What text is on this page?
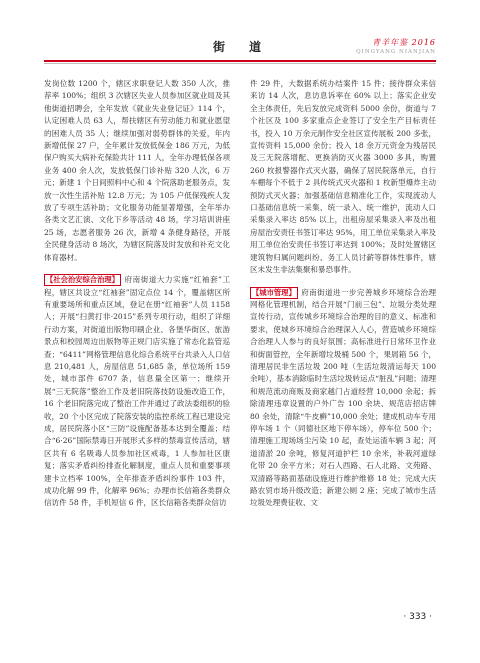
街　道	青羊年鉴 2016
QINGYANG NIANJIAN

发岗位数 1200 个，辖区求职登记人数 350 人次，推荐率 100%；组织 3 次辖区失业人员参加区就业局及其他街道招聘会，全年发放《就业失业登记证》114 个，认定困难人员 63 人，帮扶辖区有劳动能力和就业愿望的困难人员 35 人；继续加强对弱势群体的关爱，年内新增低保 27 户，全年累计发放低保金 186 万元，为低保户购买大病补充保险共计 111 人，全年办理低保各项业务 400 余人次，发放低保门诊补贴 320 人次，6 万元；新建 1 个日间照料中心和 4 个院落助老服务点，发放一次性生活补贴 12.8 万元；为 105 户低保残疾人发放了专项生活补助；文化服务功能显著增强，全年举办各类文艺汇演、文化下乡等活动 48 场，学习培训讲座 25 场，志愿者服务 26 次，新增 4 条健身路径，开展全民健身活动 8 场次，为辖区院落及时发放和补充文化体育器材。

【社会治安综合治理】 府南街道大力实施“红袖套”工程，辖区共设立“红袖套”固定点位 14 个，覆盖辖区所有重要场所和重点区域，登记在册“红袖套”人员 1158 人；开展“扫黄打非·2015”系列专项行动，组织了详细行动方案，对街道出版物印刷企业、各堡华街区、旅游景点和校园周边出版物等正规门店实施了常态化监管巡查；“6411”网格管理信息化综合系统平台共录入人口信息 210,481 人，房屋信息 51,685 条，单位场所 159 处，城市部件 6707 条，信息量全区第一；继续开展“三无院落”整治工作及老旧院落技防设施改造工作，16 个老旧院落完成了整治工作并通过了政法委组织的验收，20 个小区完成了院落安装的监控系统工程已建设完成，居民院落小区“三防”设施配备基本达到全覆盖；结合“6·26”国际禁毒日开展形式多样的禁毒宣传活动，辖区共有 6 名吸毒人员参加社区戒毒，1 人参加社区康复；落实矛盾纠纷排查化解制度，重点人员和重要事项建卡立档率 100%，全年排查矛盾纠纷事件 103 件，成功化解 99 件，化解率 96%；办理市长信箱各类群众信访件 58 件，手机短信 6 件，区长信箱各类群众信访

件 29 件，大数据系统办结案件 15 件；接待群众来信来访 14 人次，息访息诉率在 60% 以上；落实企业安全主体责任，先后发放完成资料 5000 余份，街道与 7 个社区及 100 多家重点企业签订了安全生产目标责任书，投入 10 万余元制作安全社区宣传展板 200 多张，宣传资料 15,000 余份；投入 18 余万元资金为残居民及三无院落增配、更换消防灭火器 3000 多具，购置 260 枚报警器作式灭火器，确保了居民院落单元，自行车棚每个不低于 2 具传统式灭火器和 1 枚新型爆炸主动预防式灭火器；加强基础信息精准化工作，实现流动人口基础信息统一采集、统一录入、统一维护，流动人口采集录入率达 85% 以上，出租房屋采集录入率及出租房屋治安责任书签订率达 95%，用工单位采集录入率及用工单位治安责任书签订率达到 100%；及时处置辖区建筑物归属问题纠纷、务工人员讨薪等群体性事件，辖区未发生非法集聚和暴恐事件。

【城市管理】 府南街道进一步完善城乡环境综合治理网格化管理机制，结合开展“门前三包”、垃圾分类处理宣传行动，宣传城乡环境综合治理的目的意义、标准和要求，使城乡环境综合治理深入人心，营造城乡环境综合治理人人参与的良好氛围；高标准进行日常环卫作业和街面管控，全年新增垃圾桶 500 个，果屑箱 56 个，清理居民非生活垃圾 200 吨（生活垃圾清运每天 100 余吨），基本消除临时生活垃圾转运点“脏乱”问题；清理和规范流动商贩及商家越门占道经营 10,000 余起；拆除清理违章设置的户外广告 100 余块、规范店招店牌 80 余处，清除“牛皮癣”10,000 余处；建成机动车专用停车场 1 个（同德社区地下停车场），停车位 500 个；清理施工现场场尘污染 10 起，查处运渣车辆 3 起；河道清淤 20 余吨，修复河道护栏 10 余米，补栽河道绿化带 20 余平方米；对石人西路、石人北路、文苑路、双清路等路面基础设施进行维护维修 18 处；完成大庆路农贸市场升级改造；新建公厕 2 座；完成了城市生活垃圾处理费征收、文

· 333 ·
